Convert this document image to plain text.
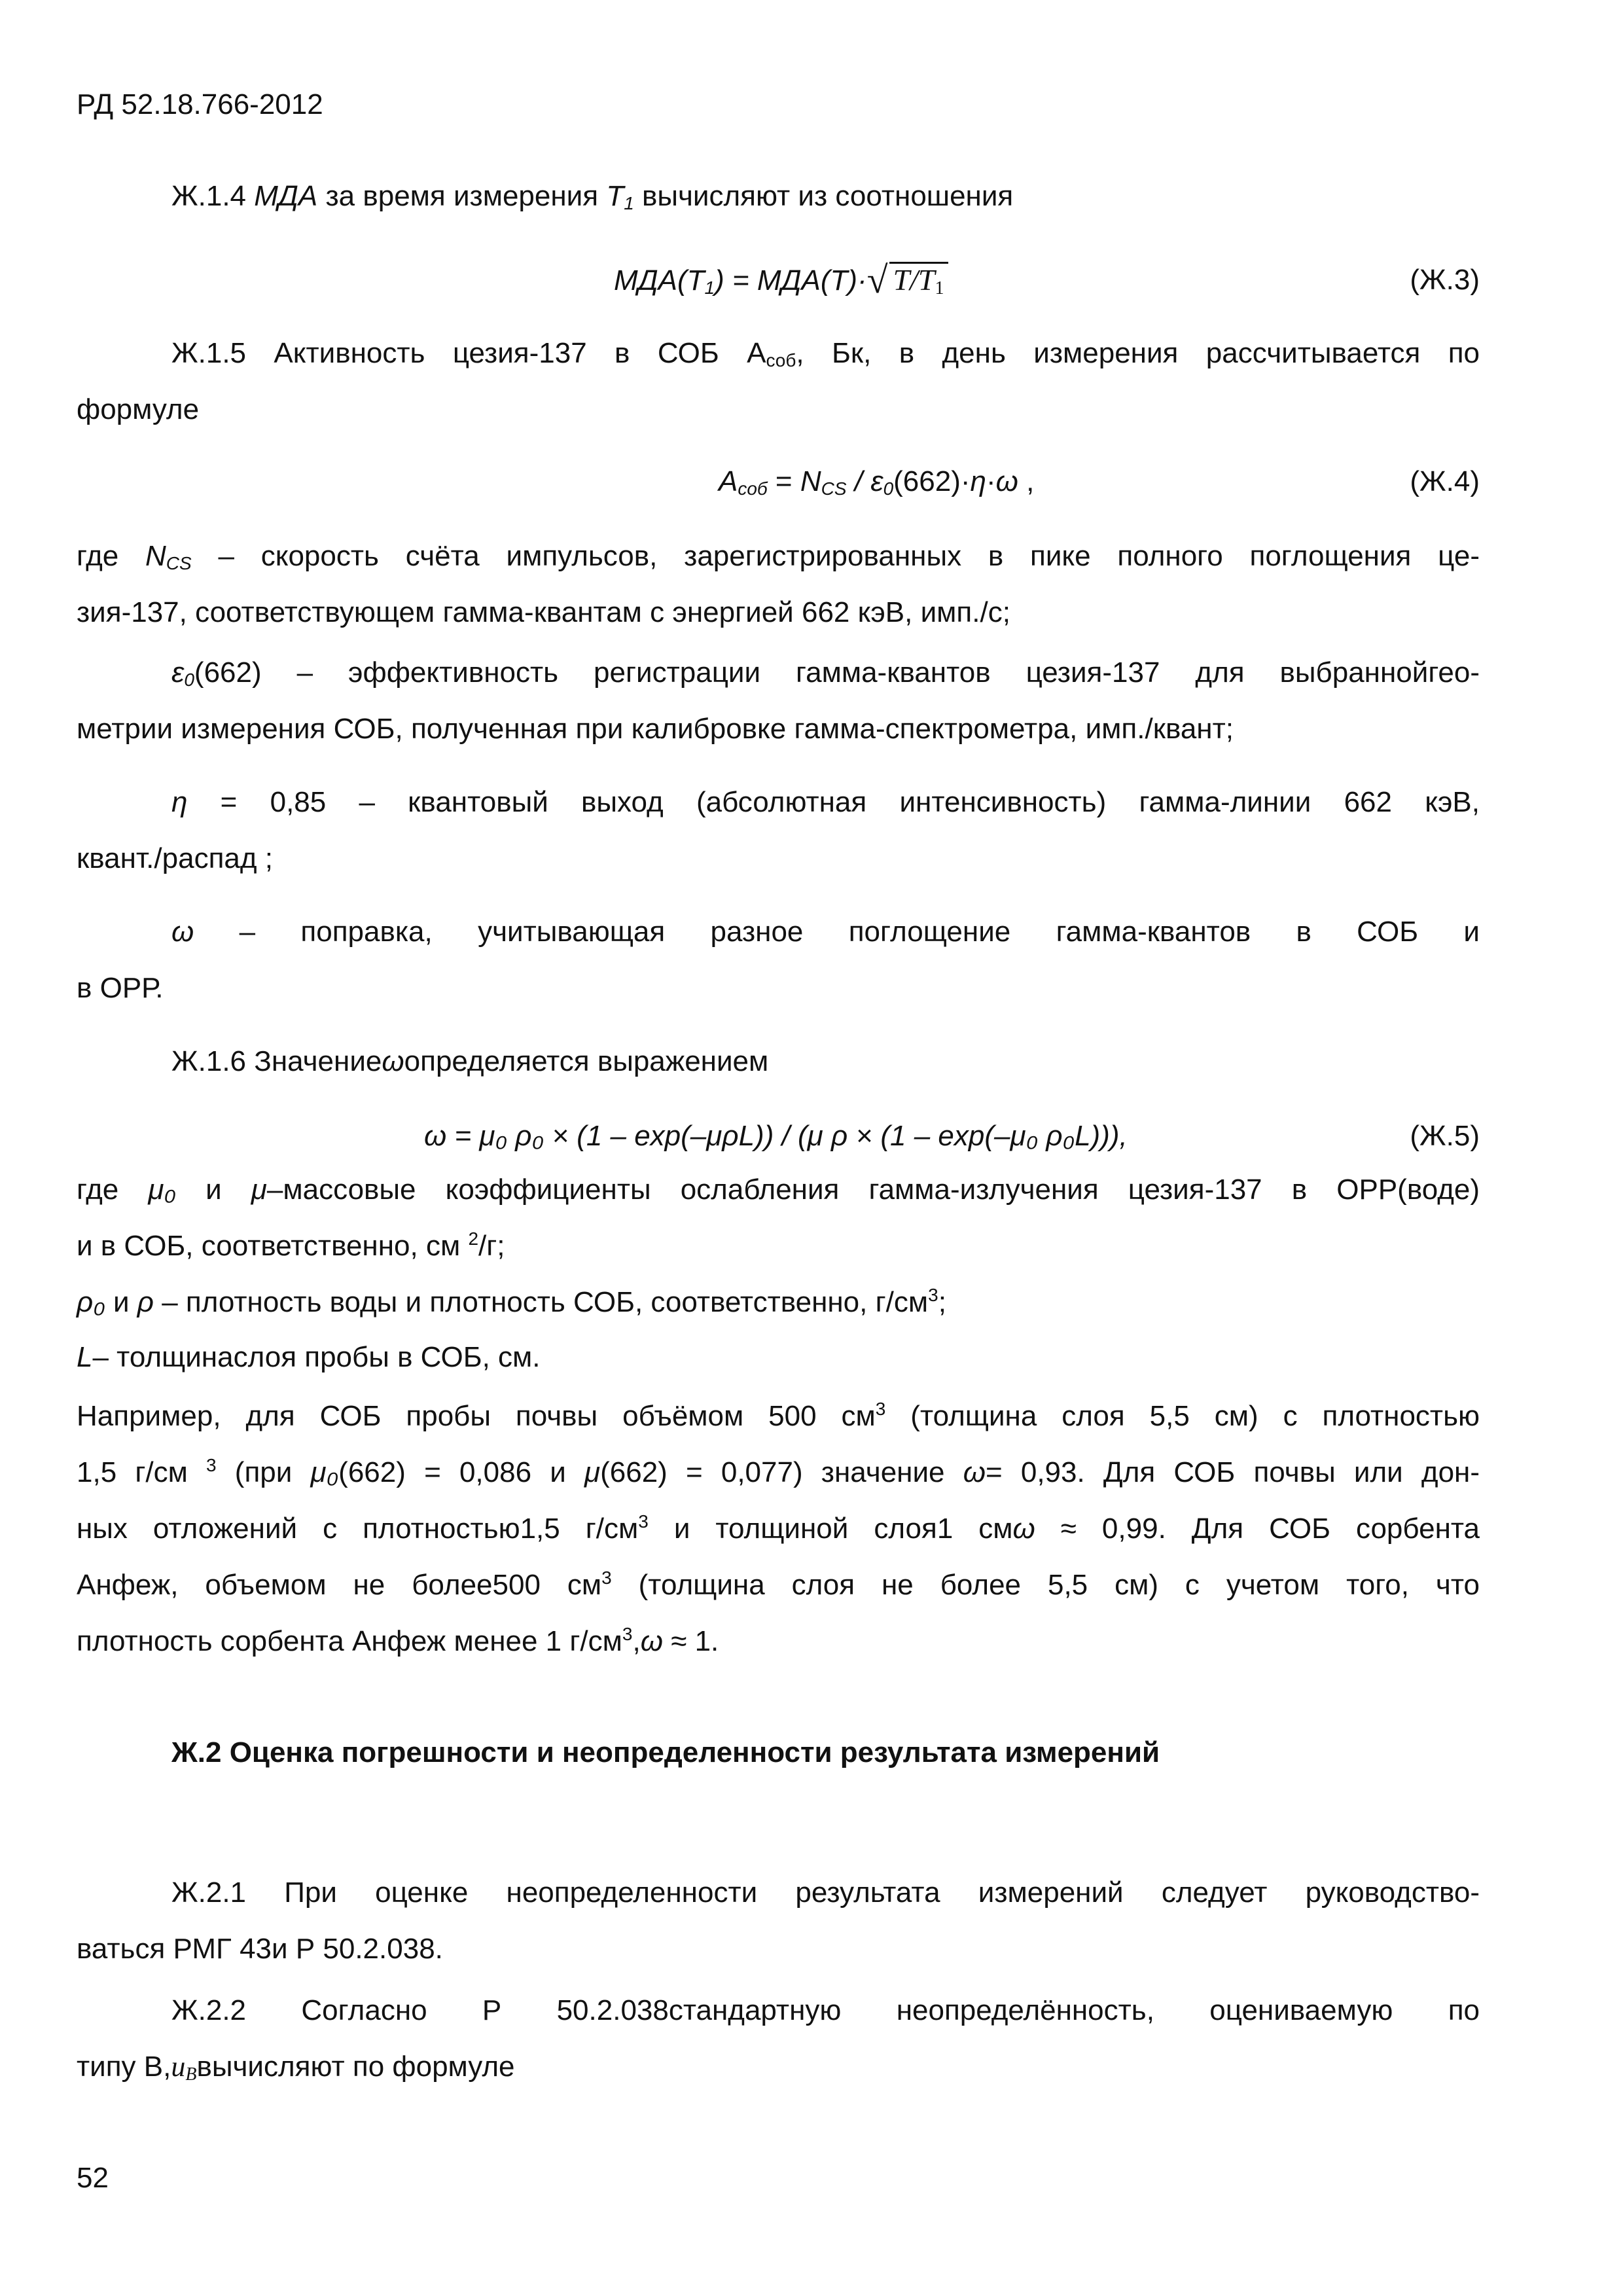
РД 52.18.766-2012
Ж.1.4 МДА за время измерения $T_1$ вычисляют из соотношения
$МДА(T_1) = МДА(T)\cdot√$ $T/T_1$	(Ж.3)
Ж.1.5 Активность цезия-137 в СОБ $А_{соб}$, Бк, в день измерения рассчитывается по
формуле
$A_{соб} = N_{CS} / \varepsilon_0(662)\cdot\eta\cdot\omega$ ,	(Ж.4)
где $N_{CS}$ – скорость счёта импульсов, зарегистрированных в пике полного поглощения це-
зия-137, соответствующем гамма-квантам с энергией 662 кэВ, имп./с;
$\varepsilon_0(662)$ – эффективность регистрации гамма-квантов цезия-137 для выбраннойгео-
метрии измерения СОБ, полученная при калибровке гамма-спектрометра, имп./квант;
η = 0,85 – квантовый выход (абсолютная интенсивность) гамма-линии 662 кэВ,
квант./распад ;
ω – поправка, учитывающая разное поглощение гамма-квантов в СОБ и
в ОРР.
Ж.1.6 Значениеωопределяется выражением
ω = μ₀ ρ₀ × (1 – exp(–μρL)) / (μ ρ × (1 – exp(–μ₀ ρ₀L))),	(Ж.5)
где μ₀ и μ–массовые коэффициенты ослабления гамма-излучения цезия-137 в ОРР(воде)
и в СОБ, соответственно, см $^2$/г;
ρ₀ и ρ – плотность воды и плотность СОБ, соответственно, $г/см^3$;
L– толщинаслоя пробы в СОБ, см.
Например, для СОБ пробы почвы объёмом 500 $см^3$ (толщина слоя 5,5 см) с плотностью
1,5 г/см $^3$ (при μ₀(662) = 0,086 и μ(662) = 0,077) значение ω= 0,93. Для СОБ почвы или дон-
ных отложений с плотностью1,5 $г/см^3$ и толщиной слоя1 смω ≈ 0,99. Для СОБ сорбента
Анфеж, объемом не более500 $см^3$ (толщина слоя не более 5,5 см) с учетом того, что
плотность сорбента Анфеж менее 1 $г/см^3,\omega \approx 1$.
Ж.2 Оценка погрешности и неопределенности результата измерений
Ж.2.1 При оценке неопределенности результата измерений следует руководство-
ваться РМГ 43и Р 50.2.038.
Ж.2.2 Согласно Р 50.2.038стандартную неопределённость, оцениваемую по
типу $В,u_Bвычисляют$ по формуле
52
